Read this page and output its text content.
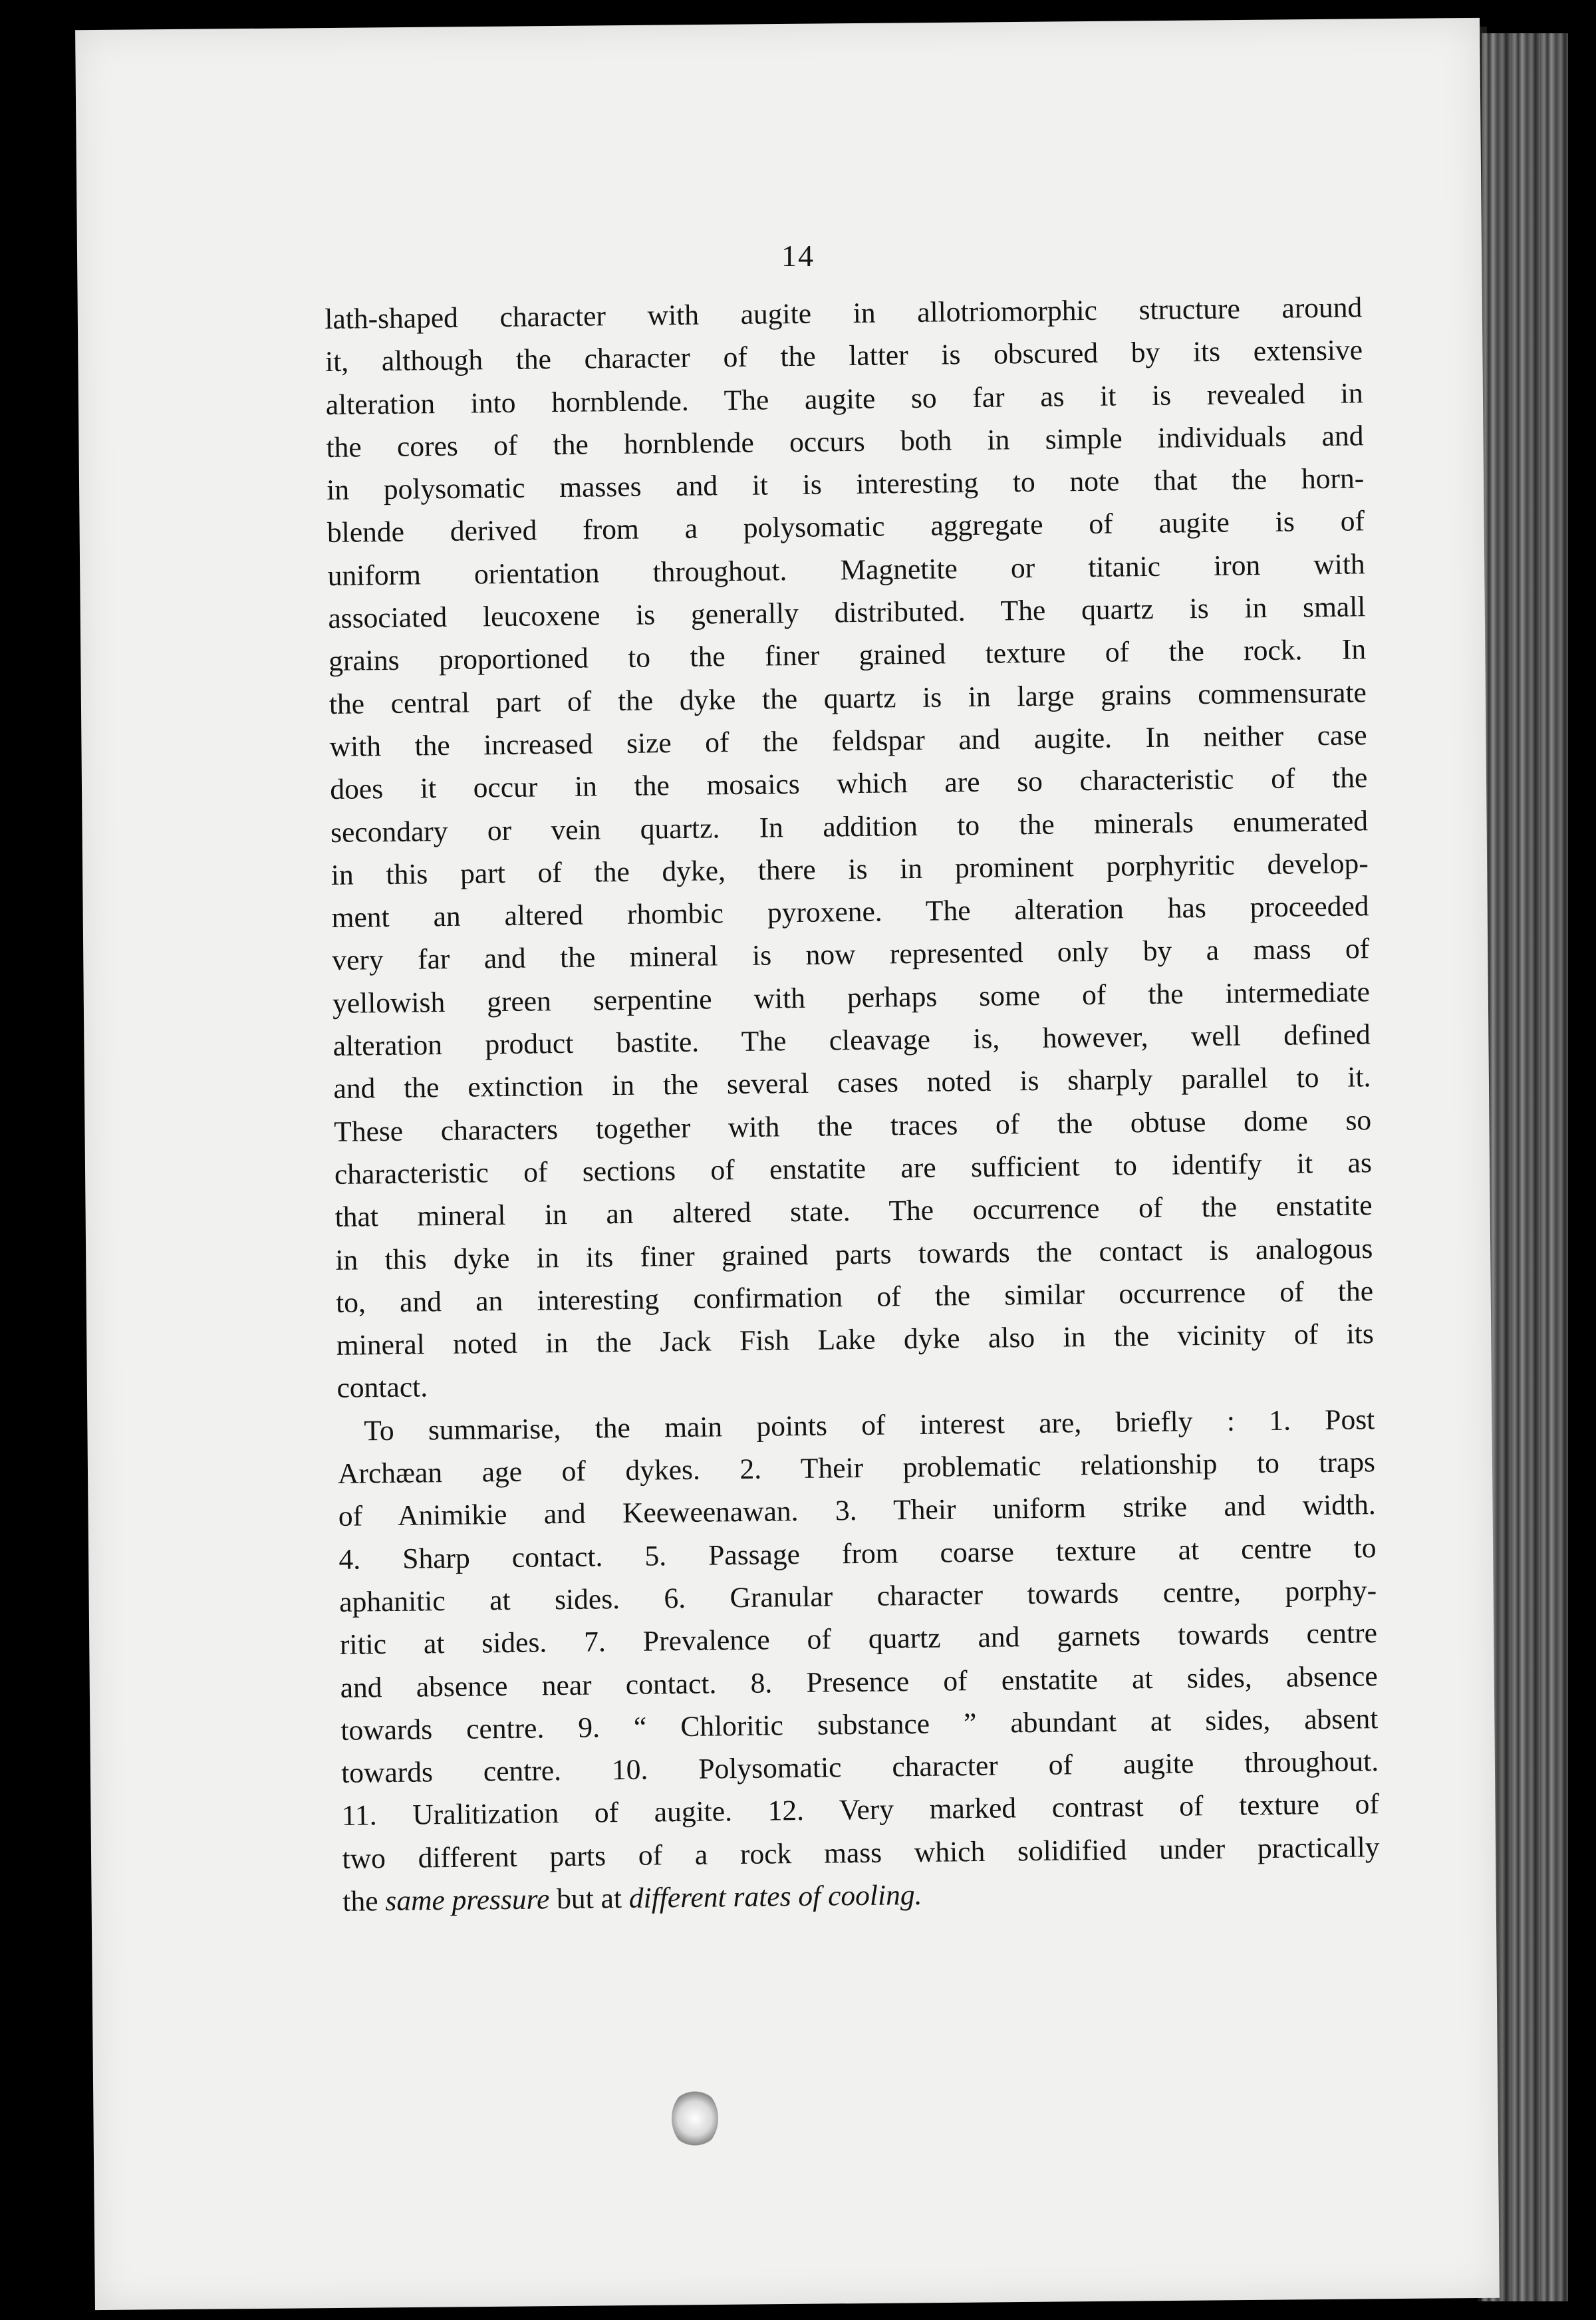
14
lath-shaped character with augite in allotriomorphic structure around
it, although the character of the latter is obscured by its extensive
alteration into hornblende. The augite so far as it is revealed in
the cores of the hornblende occurs both in simple individuals and
in polysomatic masses and it is interesting to note that the horn-
blende derived from a polysomatic aggregate of augite is of
uniform orientation throughout. Magnetite or titanic iron with
associated leucoxene is generally distributed. The quartz is in small
grains proportioned to the finer grained texture of the rock. In
the central part of the dyke the quartz is in large grains commensurate
with the increased size of the feldspar and augite. In neither case
does it occur in the mosaics which are so characteristic of the
secondary or vein quartz. In addition to the minerals enumerated
in this part of the dyke, there is in prominent porphyritic develop-
ment an altered rhombic pyroxene. The alteration has proceeded
very far and the mineral is now represented only by a mass of
yellowish green serpentine with perhaps some of the intermediate
alteration product bastite. The cleavage is, however, well defined
and the extinction in the several cases noted is sharply parallel to it.
These characters together with the traces of the obtuse dome so
characteristic of sections of enstatite are sufficient to identify it as
that mineral in an altered state. The occurrence of the enstatite
in this dyke in its finer grained parts towards the contact is analogous
to, and an interesting confirmation of the similar occurrence of the
mineral noted in the Jack Fish Lake dyke also in the vicinity of its
contact.
To summarise, the main points of interest are, briefly : 1. Post
Archæan age of dykes. 2. Their problematic relationship to traps
of Animikie and Keeweenawan. 3. Their uniform strike and width.
4. Sharp contact. 5. Passage from coarse texture at centre to
aphanitic at sides. 6. Granular character towards centre, porphy-
ritic at sides. 7. Prevalence of quartz and garnets towards centre
and absence near contact. 8. Presence of enstatite at sides, absence
towards centre. 9. “ Chloritic substance ” abundant at sides, absent
towards centre. 10. Polysomatic character of augite throughout.
11. Uralitization of augite. 12. Very marked contrast of texture of
two different parts of a rock mass which solidified under practically
the same pressure but at different rates of cooling.
